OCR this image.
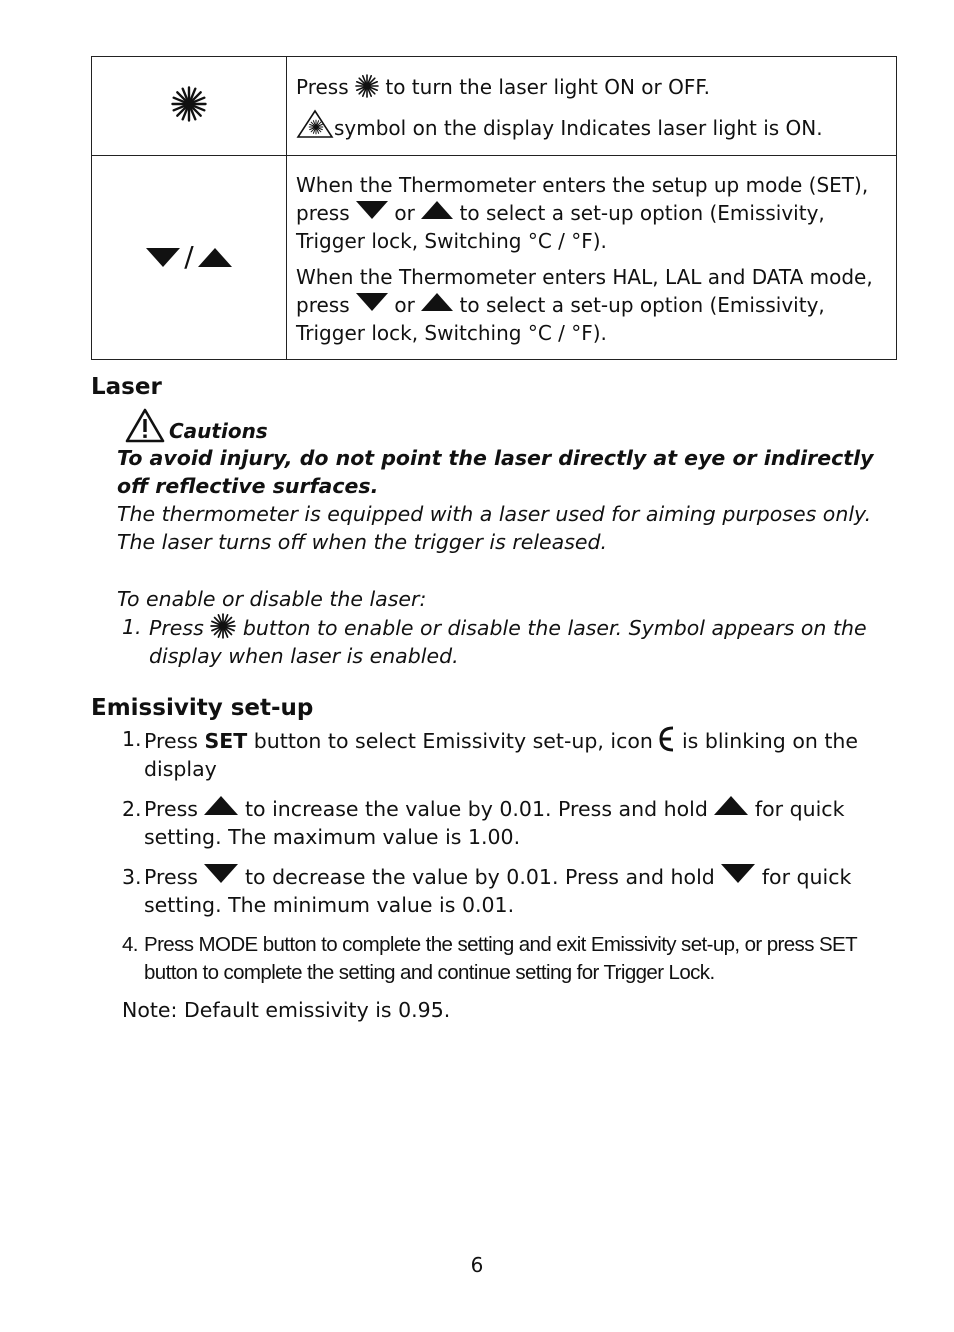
Press to turn the laser light ON or OFF.

symbol on the display Indicates laser light is ON.

/	When the Thermometer enters the setup up mode (SET), press or to select a set-up option (Emissivity, Trigger lock, Switching °C / °F).

When the Thermometer enters HAL, LAL and DATA mode, press or to select a set-up option (Emissivity, Trigger lock, Switching °C / °F).

Laser
Cautions

To avoid injury, do not point the laser directly at eye or indirectly off reflective surfaces.

The thermometer is equipped with a laser used for aiming purposes only. The laser turns off when the trigger is released.

To enable or disable the laser:

1. Press button to enable or disable the laser. Symbol appears on the display when laser is enabled.
Emissivity set-up
1. Press SET button to select Emissivity set-up, icon is blinking on the display
2. Press to increase the value by 0.01. Press and hold for quick setting. The maximum value is 1.00.
3. Press to decrease the value by 0.01. Press and hold for quick setting. The minimum value is 0.01.
4. Press MODE button to complete the setting and exit Emissivity set-up, or press SET button to complete the setting and continue setting for Trigger Lock.
Note: Default emissivity is 0.95.
6
